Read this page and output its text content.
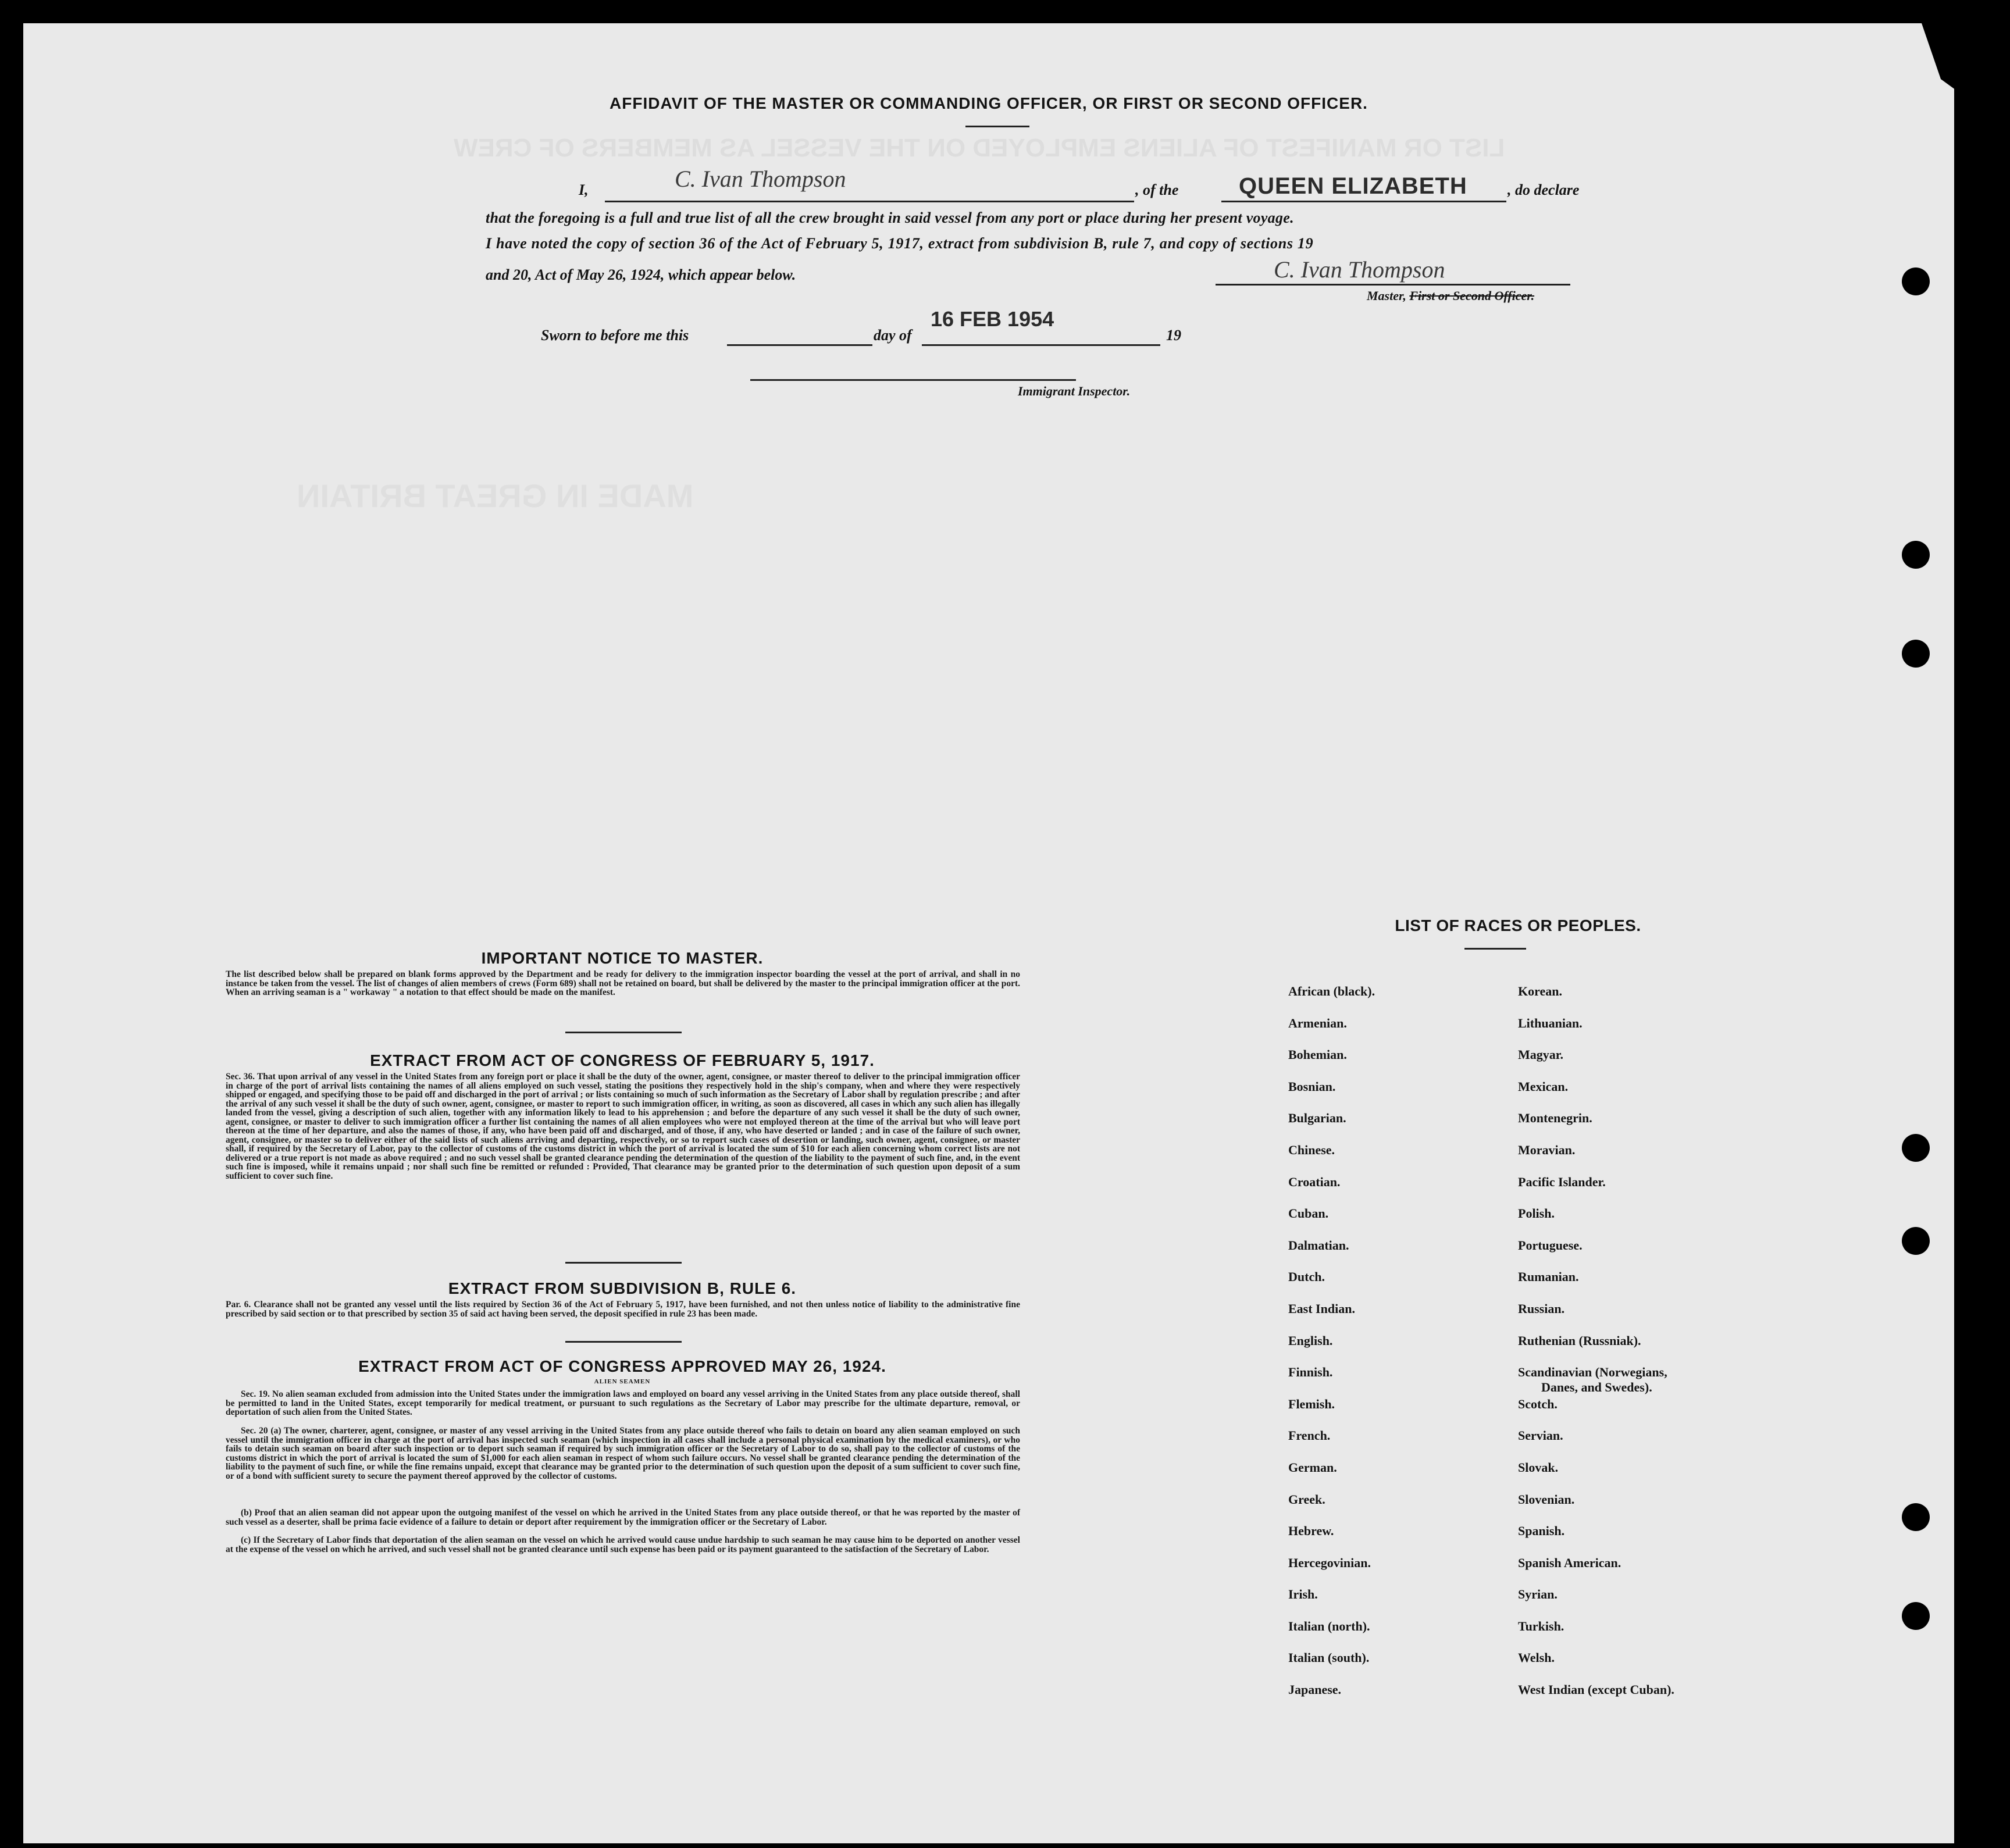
LIST OR MANIFEST OF ALIENS EMPLOYED ON THE VESSEL AS MEMBERS OF CREW
MADE IN GREAT BRITAIN
AFFIDAVIT OF THE MASTER OR COMMANDING OFFICER, OR FIRST OR SECOND OFFICER.
I,	C. Ivan Thompson	, of the	QUEEN ELIZABETH	, do declare
that the foregoing is a full and true list of all the crew brought in said vessel from any port or place during her present voyage.
I have noted the copy of section 36 of the Act of February 5, 1917, extract from subdivision B, rule 7, and copy of sections 19
and 20, Act of May 26, 1924, which appear below.	C. Ivan Thompson
Master, First or Second Officer.
Sworn to before me this	day of
16 FEB 1954
19
Immigrant Inspector.
IMPORTANT NOTICE TO MASTER.
The list described below shall be prepared on blank forms approved by the Department and be ready for delivery to the immigration inspector boarding the vessel at the port of arrival, and shall in no instance be taken from the vessel. The list of changes of alien members of crews (Form 689) shall not be retained on board, but shall be delivered by the master to the principal immigration officer at the port. When an arriving seaman is a " workaway " a notation to that effect should be made on the manifest.
EXTRACT FROM ACT OF CONGRESS OF FEBRUARY 5, 1917.
Sec. 36. That upon arrival of any vessel in the United States from any foreign port or place it shall be the duty of the owner, agent, consignee, or master thereof to deliver to the principal immigration officer in charge of the port of arrival lists containing the names of all aliens employed on such vessel, stating the positions they respectively hold in the ship's company, when and where they were respectively shipped or engaged, and specifying those to be paid off and discharged in the port of arrival ; or lists containing so much of such information as the Secretary of Labor shall by regulation prescribe ; and after the arrival of any such vessel it shall be the duty of such owner, agent, consignee, or master to report to such immigration officer, in writing, as soon as discovered, all cases in which any such alien has illegally landed from the vessel, giving a description of such alien, together with any information likely to lead to his apprehension ; and before the departure of any such vessel it shall be the duty of such owner, agent, consignee, or master to deliver to such immigration officer a further list containing the names of all alien employees who were not employed thereon at the time of the arrival but who will leave port thereon at the time of her departure, and also the names of those, if any, who have been paid off and discharged, and of those, if any, who have deserted or landed ; and in case of the failure of such owner, agent, consignee, or master so to deliver either of the said lists of such aliens arriving and departing, respectively, or so to report such cases of desertion or landing, such owner, agent, consignee, or master shall, if required by the Secretary of Labor, pay to the collector of customs of the customs district in which the port of arrival is located the sum of $10 for each alien concerning whom correct lists are not delivered or a true report is not made as above required ; and no such vessel shall be granted clearance pending the determination of the question of the liability to the payment of such fine, and, in the event such fine is imposed, while it remains unpaid ; nor shall such fine be remitted or refunded : Provided, That clearance may be granted prior to the determination of such question upon deposit of a sum sufficient to cover such fine.
EXTRACT FROM SUBDIVISION B, RULE 6.
Par. 6. Clearance shall not be granted any vessel until the lists required by Section 36 of the Act of February 5, 1917, have been furnished, and not then unless notice of liability to the administrative fine prescribed by said section or to that prescribed by section 35 of said act having been served, the deposit specified in rule 23 has been made.
EXTRACT FROM ACT OF CONGRESS APPROVED MAY 26, 1924.
ALIEN SEAMEN
Sec. 19. No alien seaman excluded from admission into the United States under the immigration laws and employed on board any vessel arriving in the United States from any place outside thereof, shall be permitted to land in the United States, except temporarily for medical treatment, or pursuant to such regulations as the Secretary of Labor may prescribe for the ultimate departure, removal, or deportation of such alien from the United States.
Sec. 20 (a) The owner, charterer, agent, consignee, or master of any vessel arriving in the United States from any place outside thereof who fails to detain on board any alien seaman employed on such vessel until the immigration officer in charge at the port of arrival has inspected such seaman (which inspection in all cases shall include a personal physical examination by the medical examiners), or who fails to detain such seaman on board after such inspection or to deport such seaman if required by such immigration officer or the Secretary of Labor to do so, shall pay to the collector of customs of the customs district in which the port of arrival is located the sum of $1,000 for each alien seaman in respect of whom such failure occurs. No vessel shall be granted clearance pending the determination of the liability to the payment of such fine, or while the fine remains unpaid, except that clearance may be granted prior to the determination of such question upon the deposit of a sum sufficient to cover such fine, or of a bond with sufficient surety to secure the payment thereof approved by the collector of customs.
(b) Proof that an alien seaman did not appear upon the outgoing manifest of the vessel on which he arrived in the United States from any place outside thereof, or that he was reported by the master of such vessel as a deserter, shall be prima facie evidence of a failure to detain or deport after requirement by the immigration officer or the Secretary of Labor.
(c) If the Secretary of Labor finds that deportation of the alien seaman on the vessel on which he arrived would cause undue hardship to such seaman he may cause him to be deported on another vessel at the expense of the vessel on which he arrived, and such vessel shall not be granted clearance until such expense has been paid or its payment guaranteed to the satisfaction of the Secretary of Labor.
LIST OF RACES OR PEOPLES.
African (black).
Armenian.
Bohemian.
Bosnian.
Bulgarian.
Chinese.
Croatian.
Cuban.
Dalmatian.
Dutch.
East Indian.
English.
Finnish.
Flemish.
French.
German.
Greek.
Hebrew.
Hercegovinian.
Irish.
Italian (north).
Italian (south).
Japanese.
Korean.
Lithuanian.
Magyar.
Mexican.
Montenegrin.
Moravian.
Pacific Islander.
Polish.
Portuguese.
Rumanian.
Russian.
Ruthenian (Russniak).
Scandinavian (Norwegians,
Danes, and Swedes).
Scotch.
Servian.
Slovak.
Slovenian.
Spanish.
Spanish American.
Syrian.
Turkish.
Welsh.
West Indian (except Cuban).
